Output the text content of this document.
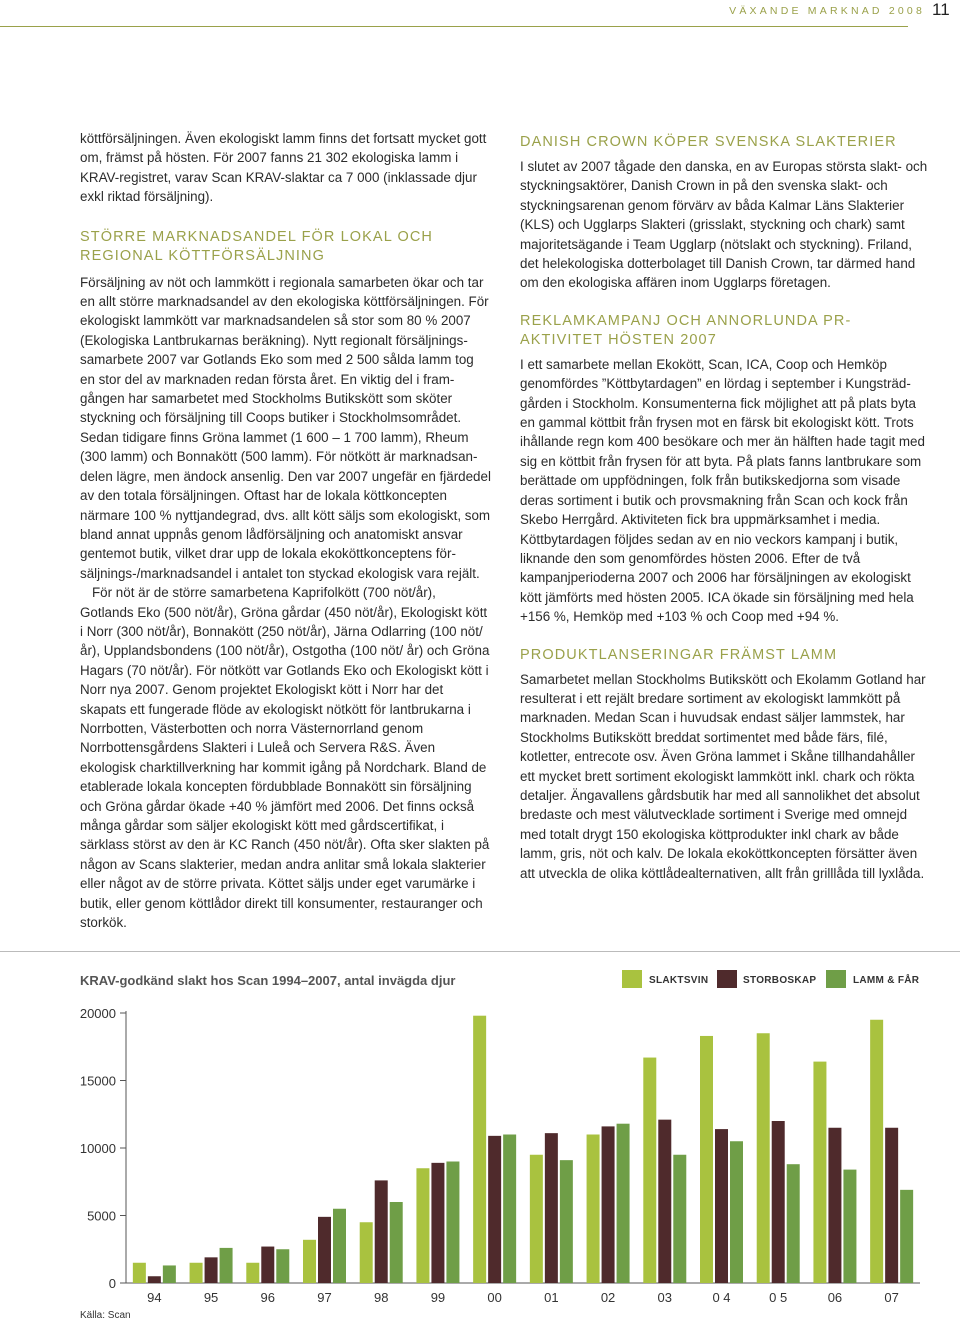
VÄXANDE MARKNAD 2008 11

köttförsäljningen. Även ekologiskt lamm finns det fortsatt mycket gott om, främst på hösten. För 2007 fanns 21 302 ekologiska lamm i KRAV-registret, varav Scan KRAV-slaktar ca 7 000 (inklassade djur exkl riktad försäljning).

STÖRRE MARKNADSANDEL FÖR LOKAL OCH REGIONAL KÖTTFÖRSÄLJNING

Försäljning av nöt och lammkött i regionala samarbeten ökar och tar en allt större marknadsandel av den ekologiska köttförsäljningen. För ekologiskt lammkött var marknadsandelen så stor som 80 % 2007 (Ekologiska Lantbrukarnas beräkning). Nytt regionalt försäljningssamarbete 2007 var Gotlands Eko som med 2 500 sålda lamm tog en stor del av marknaden redan första året. En viktig del i framgången har samarbetet med Stockholms Butikskött som sköter styckning och försäljning till Coops butiker i Stockholmsområdet. Sedan tidigare finns Gröna lammet (1 600 – 1 700 lamm), Rheum (300 lamm) och Bonnakött (500 lamm). För nötkött är marknadsandelen lägre, men ändock ansenlig. Den var 2007 ungefär en fjärdedel av den totala försäljningen. Oftast har de lokala köttkoncepten närmare 100 % nyttjandegrad, dvs. allt kött säljs som ekologiskt, som bland annat uppnås genom lådförsäljning och anatomiskt ansvar gentemot butik, vilket drar upp de lokala ekoköttkonceptens försäljnings-/marknadsandel i antalet ton styckad ekologisk vara rejält.

För nöt är de större samarbetena Kaprifolkött (700 nöt/år), Gotlands Eko (500 nöt/år), Gröna gårdar (450 nöt/år), Ekologiskt kött i Norr (300 nöt/år), Bonnakött (250 nöt/år), Järna Odlarring (100 nöt/år), Upplandsbondens (100 nöt/år), Ostgotha (100 nöt/ år) och Gröna Hagars (70 nöt/år). För nötkött var Gotlands Eko och Ekologiskt kött i Norr nya 2007. Genom projektet Ekologiskt kött i Norr har det skapats ett fungerade flöde av ekologiskt nötkött för lantbrukarna i Norrbotten, Västerbotten och norra Västernorrland genom Norrbottensgårdens Slakteri i Luleå och Servera R&S. Även ekologisk charktillverkning har kommit igång på Nordchark. Bland de etablerade lokala koncepten fördubblade Bonnakött sin försäljning och Gröna gårdar ökade +40 % jämfört med 2006. Det finns också många gårdar som säljer ekologiskt kött med gårdscertifikat, i särklass störst av den är KC Ranch (450 nöt/år). Ofta sker slakten på någon av Scans slakterier, medan andra anlitar små lokala slakterier eller något av de större privata. Köttet säljs under eget varumärke i butik, eller genom köttlådor direkt till konsumenter, restauranger och storkök.

DANISH CROWN KÖPER SVENSKA SLAKTERIER

I slutet av 2007 tågade den danska, en av Europas största slakt- och styckningsaktörer, Danish Crown in på den svenska slakt- och styckningsarenan genom förvärv av båda Kalmar Läns Slakterier (KLS) och Ugglarps Slakteri (grisslakt, styckning och chark) samt majoritetsägande i Team Ugglarp (nötslakt och styckning). Friland, det helekologiska dotterbolaget till Danish Crown, tar därmed hand om den ekologiska affären inom Ugglarps företagen.

REKLAMKAMPANJ OCH ANNORLUNDA PR-AKTIVITET HÖSTEN 2007

I ett samarbete mellan Ekokött, Scan, ICA, Coop och Hemköp genomfördes ”Köttbytardagen” en lördag i september i Kungsträdgården i Stockholm. Konsumenterna fick möjlighet att på plats byta en gammal köttbit från frysen mot en färsk bit ekologiskt kött. Trots ihållande regn kom 400 besökare och mer än hälften hade tagit med sig en köttbit från frysen för att byta. På plats fanns lantbrukare som berättade om uppfödningen, folk från butikskedjorna som visade deras sortiment i butik och provsmakning från Scan och kock från Skebo Herrgård. Aktiviteten fick bra uppmärksamhet i media. Köttbytardagen följdes sedan av en nio veckors kampanj i butik, liknande den som genomfördes hösten 2006. Efter de två kampanjperioderna 2007 och 2006 har försäljningen av ekologiskt kött jämförts med hösten 2005. ICA ökade sin försäljning med hela +156 %, Hemköp med +103 % och Coop med +94 %.

PRODUKTLANSERINGAR FRÄMST LAMM

Samarbetet mellan Stockholms Butikskött och Ekolamm Gotland har resulterat i ett rejält bredare sortiment av ekologiskt lammkött på marknaden. Medan Scan i huvudsak endast säljer lammstek, har Stockholms Butikskött breddat sortimentet med både färs, filé, kotletter, entrecote osv. Även Gröna lammet i Skåne tillhandahåller ett mycket brett sortiment ekologiskt lammkött inkl. chark och rökta detaljer. Ängavallens gårdsbutik har med all sannolikhet det absolut bredaste och mest välutvecklade sortiment i Sverige med omnejd med totalt drygt 150 ekologiska köttprodukter inkl chark av både lamm, gris, nöt och kalv. De lokala ekoköttkoncepten försätter även att utveckla de olika köttlådealternativen, allt från grilllåda till lyxlåda.

KRAV-godkänd slakt hos Scan 1994–2007, antal invägda djur	SLAKTSVIN	STORBOSKAP	LAMM & FÅR
0
5000
10000
15000
20000
94	95	96	97	98	99	00	01	02	03	0 4	0 5	06	07
Källa: Scan
